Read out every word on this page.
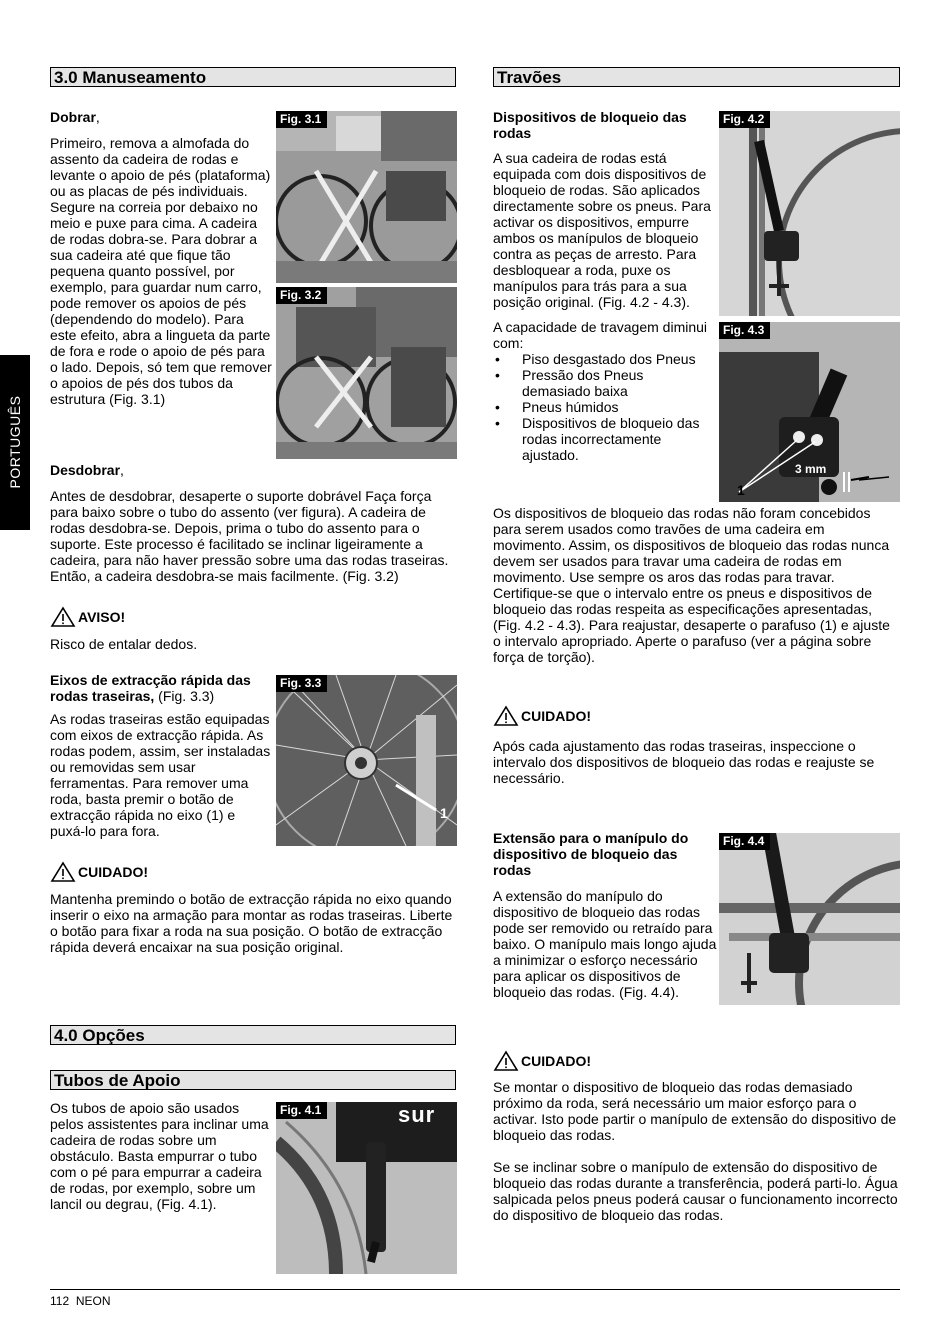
PORTUGUÊS
3.0 Manuseamento

Dobrar,

Primeiro, remova a almofada do assento da cadeira de rodas e levante o apoio de pés (plataforma) ou as placas de pés individuais. Segure na correia por debaixo no meio e puxe para cima. A cadeira de rodas dobra-se. Para dobrar a sua cadeira até que fique tão pequena quanto possível, por exemplo, para guardar num carro, pode remover os apoios de pés (dependendo do modelo). Para este efeito, abra a lingueta da parte de fora e rode o apoio de pés para o lado. Depois, só tem que remover o apoios de pés dos tubos da estrutura (Fig. 3.1)

Fig. 3.1
Fig. 3.2

Desdobrar,

Antes de desdobrar, desaperte o suporte dobrável Faça força para baixo sobre o tubo do assento (ver figura). A cadeira de rodas desdobra-se. Depois, prima o tubo do assento para o suporte. Este processo é facilitado se inclinar ligeiramente a cadeira, para não haver pressão sobre uma das rodas traseiras. Então, a cadeira desdobra-se mais facilmente. (Fig. 3.2)

AVISO!
Risco de entalar dedos.

Eixos de extracção rápida das rodas traseiras, (Fig. 3.3)

As rodas traseiras estão equipadas com eixos de extracção rápida. As rodas podem, assim, ser instaladas ou removidas sem usar ferramentas. Para remover uma roda, basta premir o botão de extracção rápida no eixo (1) e puxá-lo para fora.

Fig. 3.3
1
CUIDADO!
Mantenha premindo o botão de extracção rápida no eixo quando inserir o eixo na armação para montar as rodas traseiras. Liberte o botão para fixar a roda na sua posição. O botão de extracção rápida deverá encaixar na sua posição original.
4.0 Opções
Tubos de Apoio
Os tubos de apoio são usados pelos assistentes para inclinar uma cadeira de rodas sobre um obstáculo. Basta empurrar o tubo com o pé para empurrar a cadeira de rodas, por exemplo, sobre um lancil ou degrau, (Fig. 4.1).
sur
Fig. 4.1
Travões

Dispositivos de bloqueio das rodas

A sua cadeira de rodas está equipada com dois dispositivos de bloqueio de rodas. São aplicados directamente sobre os pneus. Para activar os dispositivos, empurre ambos os manípulos de bloqueio contra as peças de arresto. Para desbloquear a roda, puxe os manípulos para trás para a sua posição original. (Fig. 4.2 - 4.3).

A capacidade de travagem diminui com:

• Piso desgastado dos Pneus
• Pressão dos Pneus demasiado baixa
• Pneus húmidos
• Dispositivos de bloqueio das rodas incorrectamente ajustado.
Fig. 4.2
Fig. 4.3
3 mm
1

Os dispositivos de bloqueio das rodas não foram concebidos para serem usados como travões de uma cadeira em movimento. Assim, os dispositivos de bloqueio das rodas nunca devem ser usados para travar uma cadeira de rodas em movimento. Use sempre os aros das rodas para travar. Certifique-se que o intervalo entre os pneus e dispositivos de bloqueio das rodas respeita as especificações apresentadas, (Fig. 4.2 - 4.3). Para reajustar, desaperte o parafuso (1) e ajuste o intervalo apropriado. Aperte o parafuso (ver a página sobre força de torção).

CUIDADO!
Após cada ajustamento das rodas traseiras, inspeccione o intervalo dos dispositivos de bloqueio das rodas e reajuste se necessário.

Extensão para o manípulo do dispositivo de bloqueio das rodas

A extensão do manípulo do dispositivo de bloqueio das rodas pode ser removido ou retraído para baixo. O manípulo mais longo ajuda a minimizar o esforço necessário para aplicar os dispositivos de bloqueio das rodas. (Fig. 4.4).

Fig. 4.4
CUIDADO!

Se montar o dispositivo de bloqueio das rodas demasiado próximo da roda, será necessário um maior esforço para o activar. Isto pode partir o manípulo de extensão do dispositivo de bloqueio das rodas.

Se se inclinar sobre o manípulo de extensão do dispositivo de bloqueio das rodas durante a transferência, poderá parti-lo. Água salpicada pelos pneus poderá causar o funcionamento incorrecto do dispositivo de bloqueio das rodas.

112 NEON
